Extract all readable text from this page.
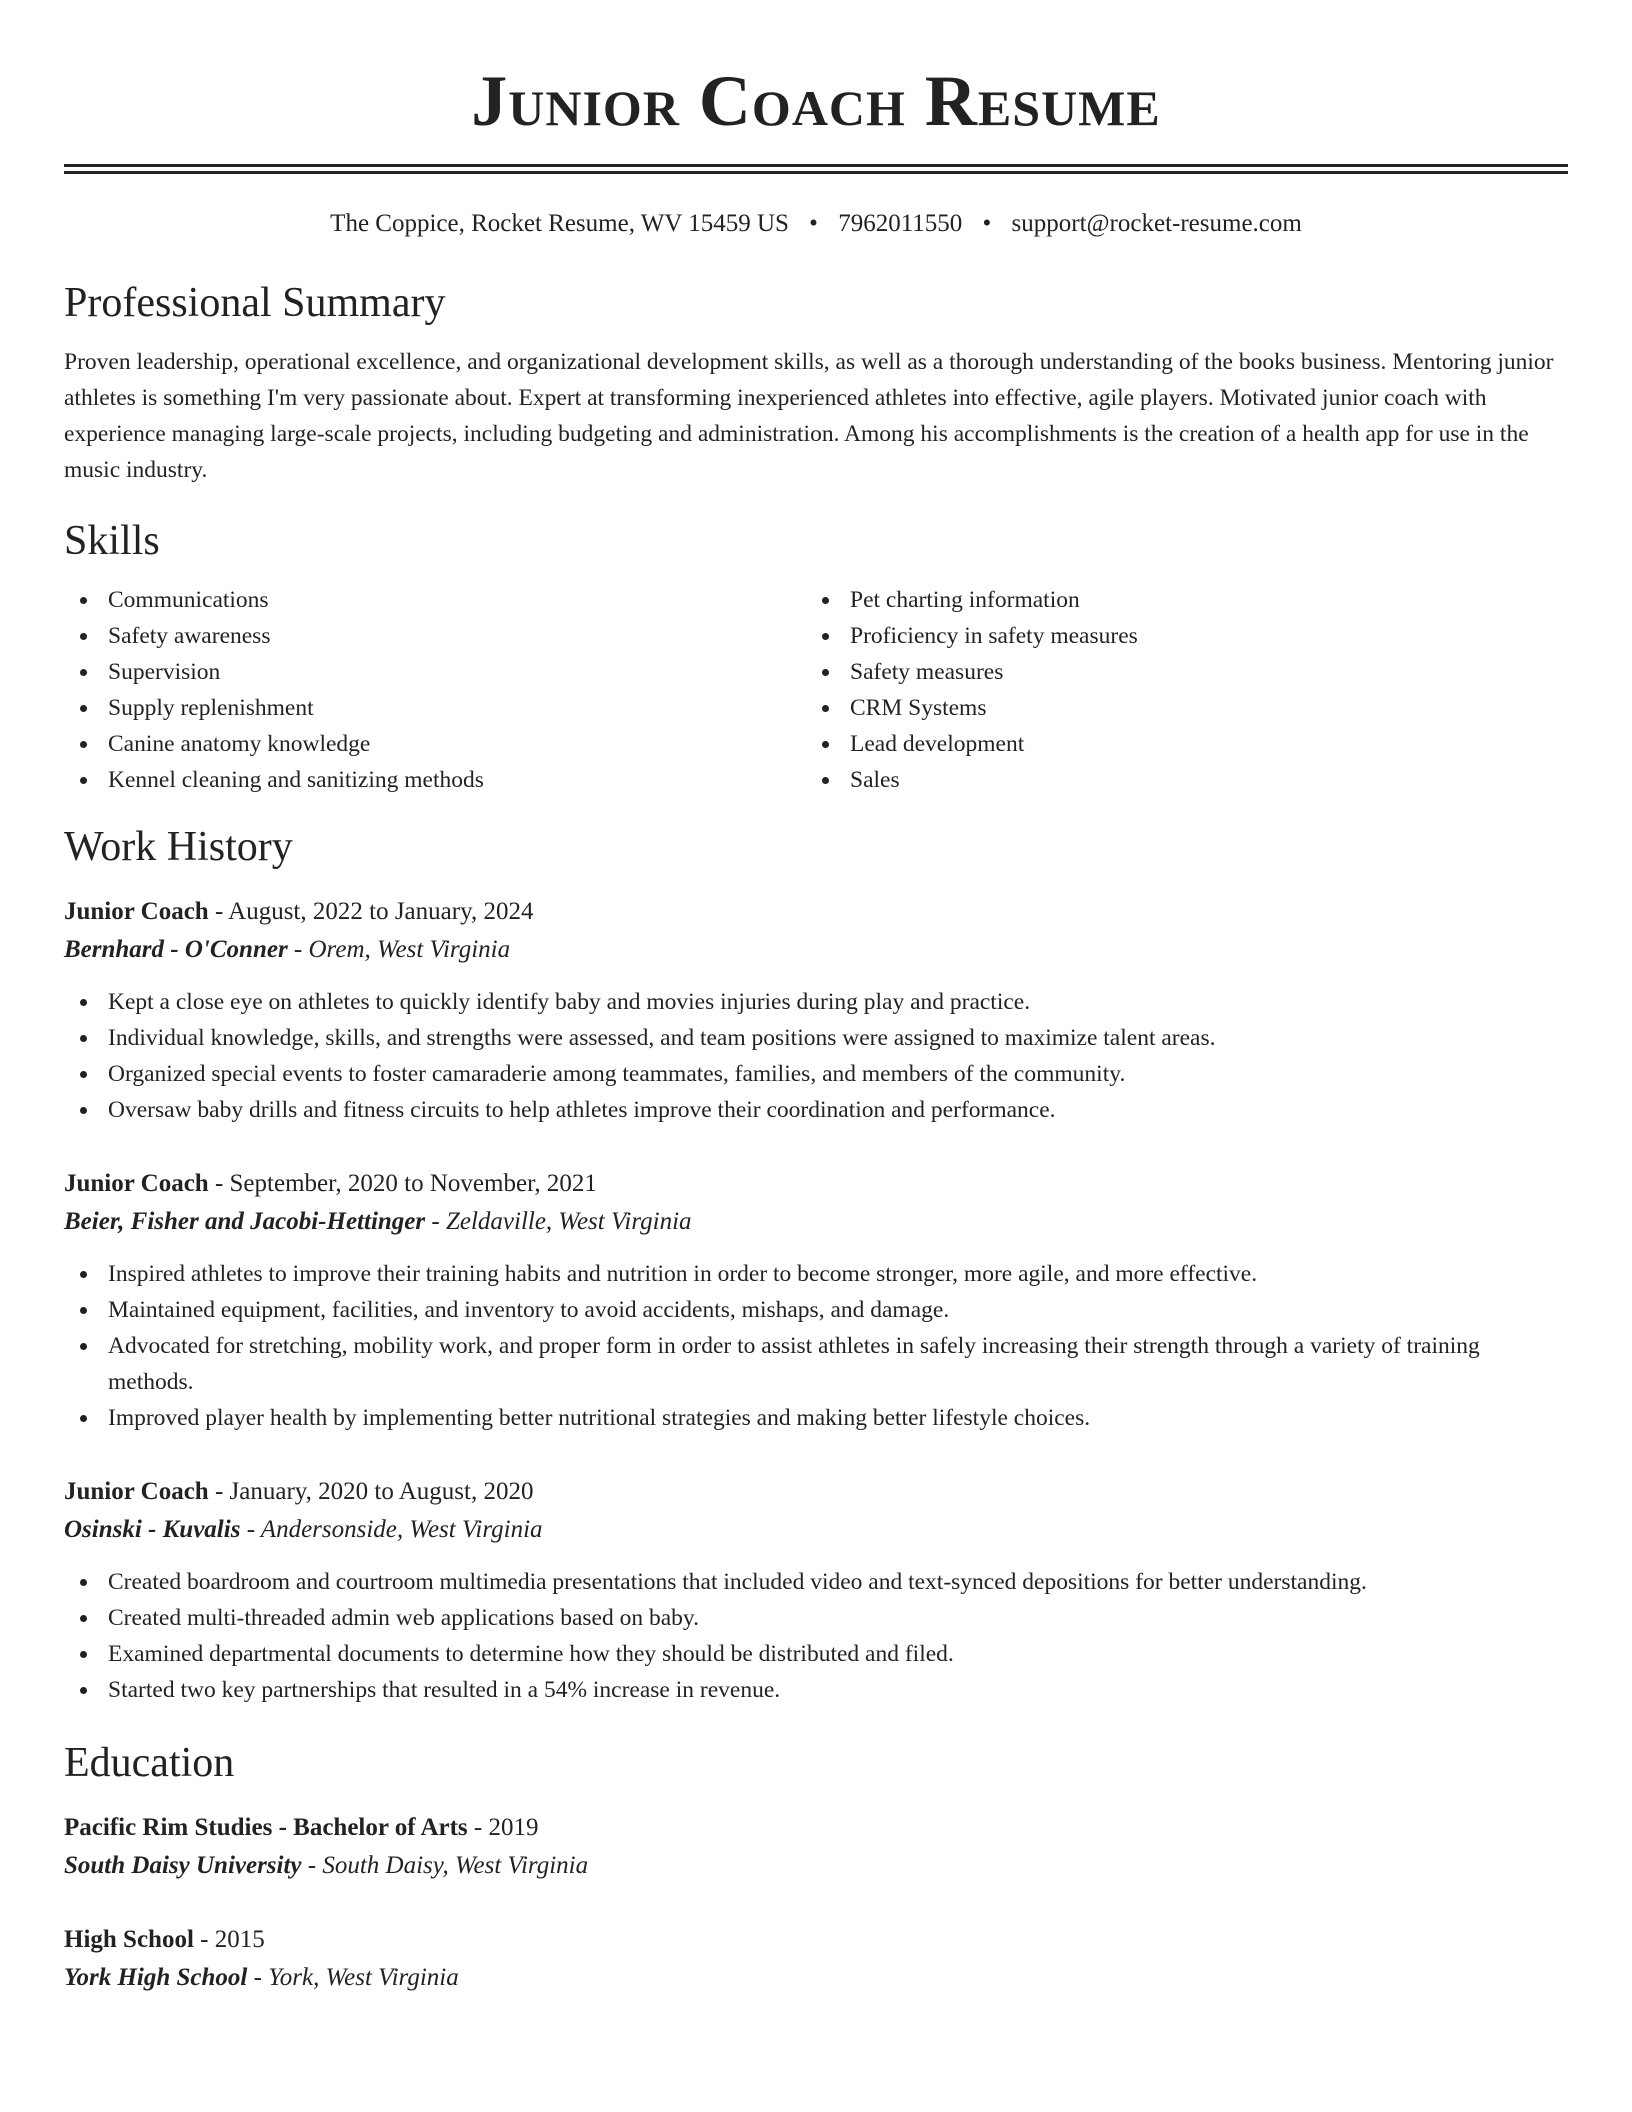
Junior Coach Resume
The Coppice, Rocket Resume, WV 15459 US • 7962011550 • support@rocket-resume.com
Professional Summary

Proven leadership, operational excellence, and organizational development skills, as well as a thorough understanding of the books business. Mentoring junior athletes is something I'm very passionate about. Expert at transforming inexperienced athletes into effective, agile players. Motivated junior coach with experience managing large-scale projects, including budgeting and administration. Among his accomplishments is the creation of a health app for use in the music industry.

Skills
Communications
Safety awareness
Supervision
Supply replenishment
Canine anatomy knowledge
Kennel cleaning and sanitizing methods
Pet charting information
Proficiency in safety measures
Safety measures
CRM Systems
Lead development
Sales
Work History
Junior Coach - August, 2022 to January, 2024
Bernhard - O'Conner - Orem, West Virginia
Kept a close eye on athletes to quickly identify baby and movies injuries during play and practice.
Individual knowledge, skills, and strengths were assessed, and team positions were assigned to maximize talent areas.
Organized special events to foster camaraderie among teammates, families, and members of the community.
Oversaw baby drills and fitness circuits to help athletes improve their coordination and performance.
Junior Coach - September, 2020 to November, 2021
Beier, Fisher and Jacobi-Hettinger - Zeldaville, West Virginia
Inspired athletes to improve their training habits and nutrition in order to become stronger, more agile, and more effective.
Maintained equipment, facilities, and inventory to avoid accidents, mishaps, and damage.
Advocated for stretching, mobility work, and proper form in order to assist athletes in safely increasing their strength through a variety of training methods.
Improved player health by implementing better nutritional strategies and making better lifestyle choices.
Junior Coach - January, 2020 to August, 2020
Osinski - Kuvalis - Andersonside, West Virginia
Created boardroom and courtroom multimedia presentations that included video and text-synced depositions for better understanding.
Created multi-threaded admin web applications based on baby.
Examined departmental documents to determine how they should be distributed and filed.
Started two key partnerships that resulted in a 54% increase in revenue.
Education
Pacific Rim Studies - Bachelor of Arts - 2019
South Daisy University - South Daisy, West Virginia
High School - 2015
York High School - York, West Virginia
